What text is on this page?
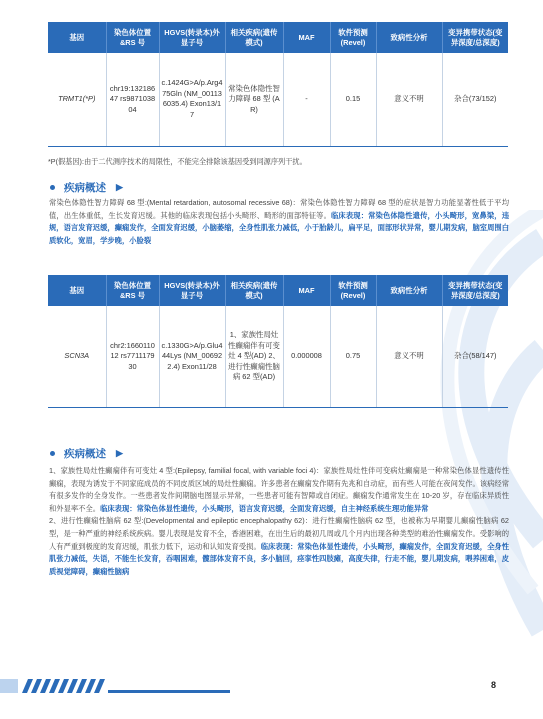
基因	染色体位置&RS 号	HGVS(转录本)外显子号	相关疾病(遗传模式)	MAF	软件预测(Revel)	致病性分析	变异携带状态(变异深度/总深度)
TRMT1(*P)	chr19:13218647 rs987103804	c.1424G>A/p.Arg475Gln (NM_001136035.4) Exon13/17	常染色体隐性智力障碍 68 型 (AR)	-	0.15	意义不明	杂合(73/152)
*P(假基因):由于二代测序技术的局限性，不能完全排除该基因受到同源序列干扰。
疾病概述 ▶
常染色体隐性智力障碍 68 型:(Mental retardation, autosomal recessive 68)：常染色体隐性智力障碍 68 型的症状是智力功能显著性低于平均值，出生体重低，生长发育迟缓。其他的临床表现包括小头畸形、畸形的面部特征等。临床表现：常染色体隐性遗传，小头畸形，宽鼻梁，违规，语言发育迟缓，癫痫发作，全面发育迟缓，小脑萎缩，全身性肌张力减低，小于胎龄儿，扁平足，面部形状异常，婴儿期发病，脑室周围白质软化，宽眉，学步晚，小脸裂
基因	染色体位置&RS 号	HGVS(转录本)外显子号	相关疾病(遗传模式)	MAF	软件预测(Revel)	致病性分析	变异携带状态(变异深度/总深度)
SCN3A	chr2:166011012 rs771117930	c.1330G>A/p.Glu444Lys (NM_006922.4) Exon11/28	1、家族性局灶性癫痫伴有可变灶 4 型(AD) 2、进行性癫痫性脑病 62 型(AD)	0.000008	0.75	意义不明	杂合(58/147)
疾病概述 ▶
1、家族性局灶性癫痫伴有可变灶 4 型:(Epilepsy, familial focal, with variable foci 4)：家族性局灶性伴可变病灶癫痫是一种常染色体显性遗传性癫痫，表现为诱发于不同家庭成员的不同皮质区域的局灶性癫痫。许多患者在癫痫发作期有先兆和自动症，而有些人可能在夜间发作。该病经常有很多发作的全身发作。一些患者发作间期脑电图显示异常，一些患者可能有智障或自闭症。癫痫发作通常发生在 10-20 岁，存在临床异质性和外显率不全。临床表现：常染色体显性遗传，小头畸形，语言发育迟缓，全面发育迟缓，自主神经系统生理功能异常
2、进行性癫痫性脑病 62 型:(Developmental and epileptic encephalopathy 62)：进行性癫痫性脑病 62 型，也被称为早期婴儿癫痫性脑病 62 型，是一种严重的神经系统疾病。婴儿表现是发育不全，香港困难，在出生后的最初几周或几个月内出现各种类型的难治性癫痫发作。受影响的人有严重到极度的发育迟缓，肌张力低下，运动和认知发育受损。临床表现：常染色体显性遗传，小头畸形，癫痫发作，全面发育迟缓，全身性肌张力减低，失语，不能生长发育，吞咽困难，髋部体发育不良，多小脑回，痉挛性四肢瘫，高度失律，行走不能，婴儿期发病，喂养困难，皮质视觉障碍，癫痫性脑病
8
